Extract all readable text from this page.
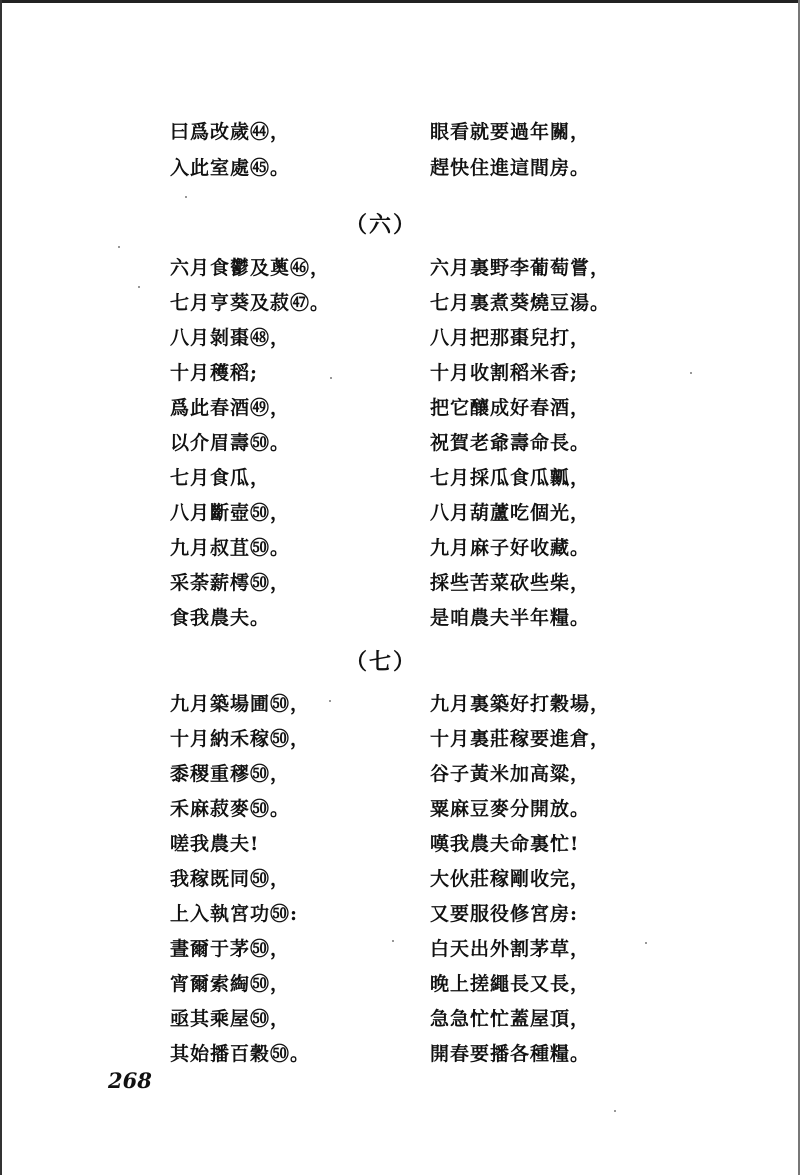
曰爲改歲㊹，	眼看就要過年關，
入此室處㊺。	趕快住進這間房。
（六）
六月食鬱及薁㊻，	六月裏野李葡萄嘗，
七月亨葵及菽㊼。	七月裏煮葵燒豆湯。
八月剝棗㊽，	八月把那棗兒打，
十月穫稻;	十月收割稻米香;
爲此春酒㊾，	把它釀成好春酒，
以介眉壽㊿。	祝賀老爺壽命長。
七月食瓜，	七月採瓜食瓜瓤，
八月斷壺㊿，	八月葫蘆吃個光，
九月叔苴㊿。	九月麻子好收藏。
采荼薪樗㊿，	採些苦菜砍些柴，
食我農夫。	是咱農夫半年糧。
（七）
九月築場圃㊿，	九月裏築好打穀場，
十月納禾稼㊿，	十月裏莊稼要進倉，
黍稷重穋㊿，	谷子黃米加高粱，
禾麻菽麥㊿。	粟麻豆麥分開放。
嗟我農夫!	嘆我農夫命裏忙!
我稼既同㊿，	大伙莊稼剛收完，
上入執宮功㊿:	又要服役修宮房:
晝爾于茅㊿，	白天出外割茅草，
宵爾索綯㊿，	晚上搓繩長又長，
亟其乘屋㊿，	急急忙忙蓋屋頂，
其始播百穀㊿。	開春要播各種糧。
268
